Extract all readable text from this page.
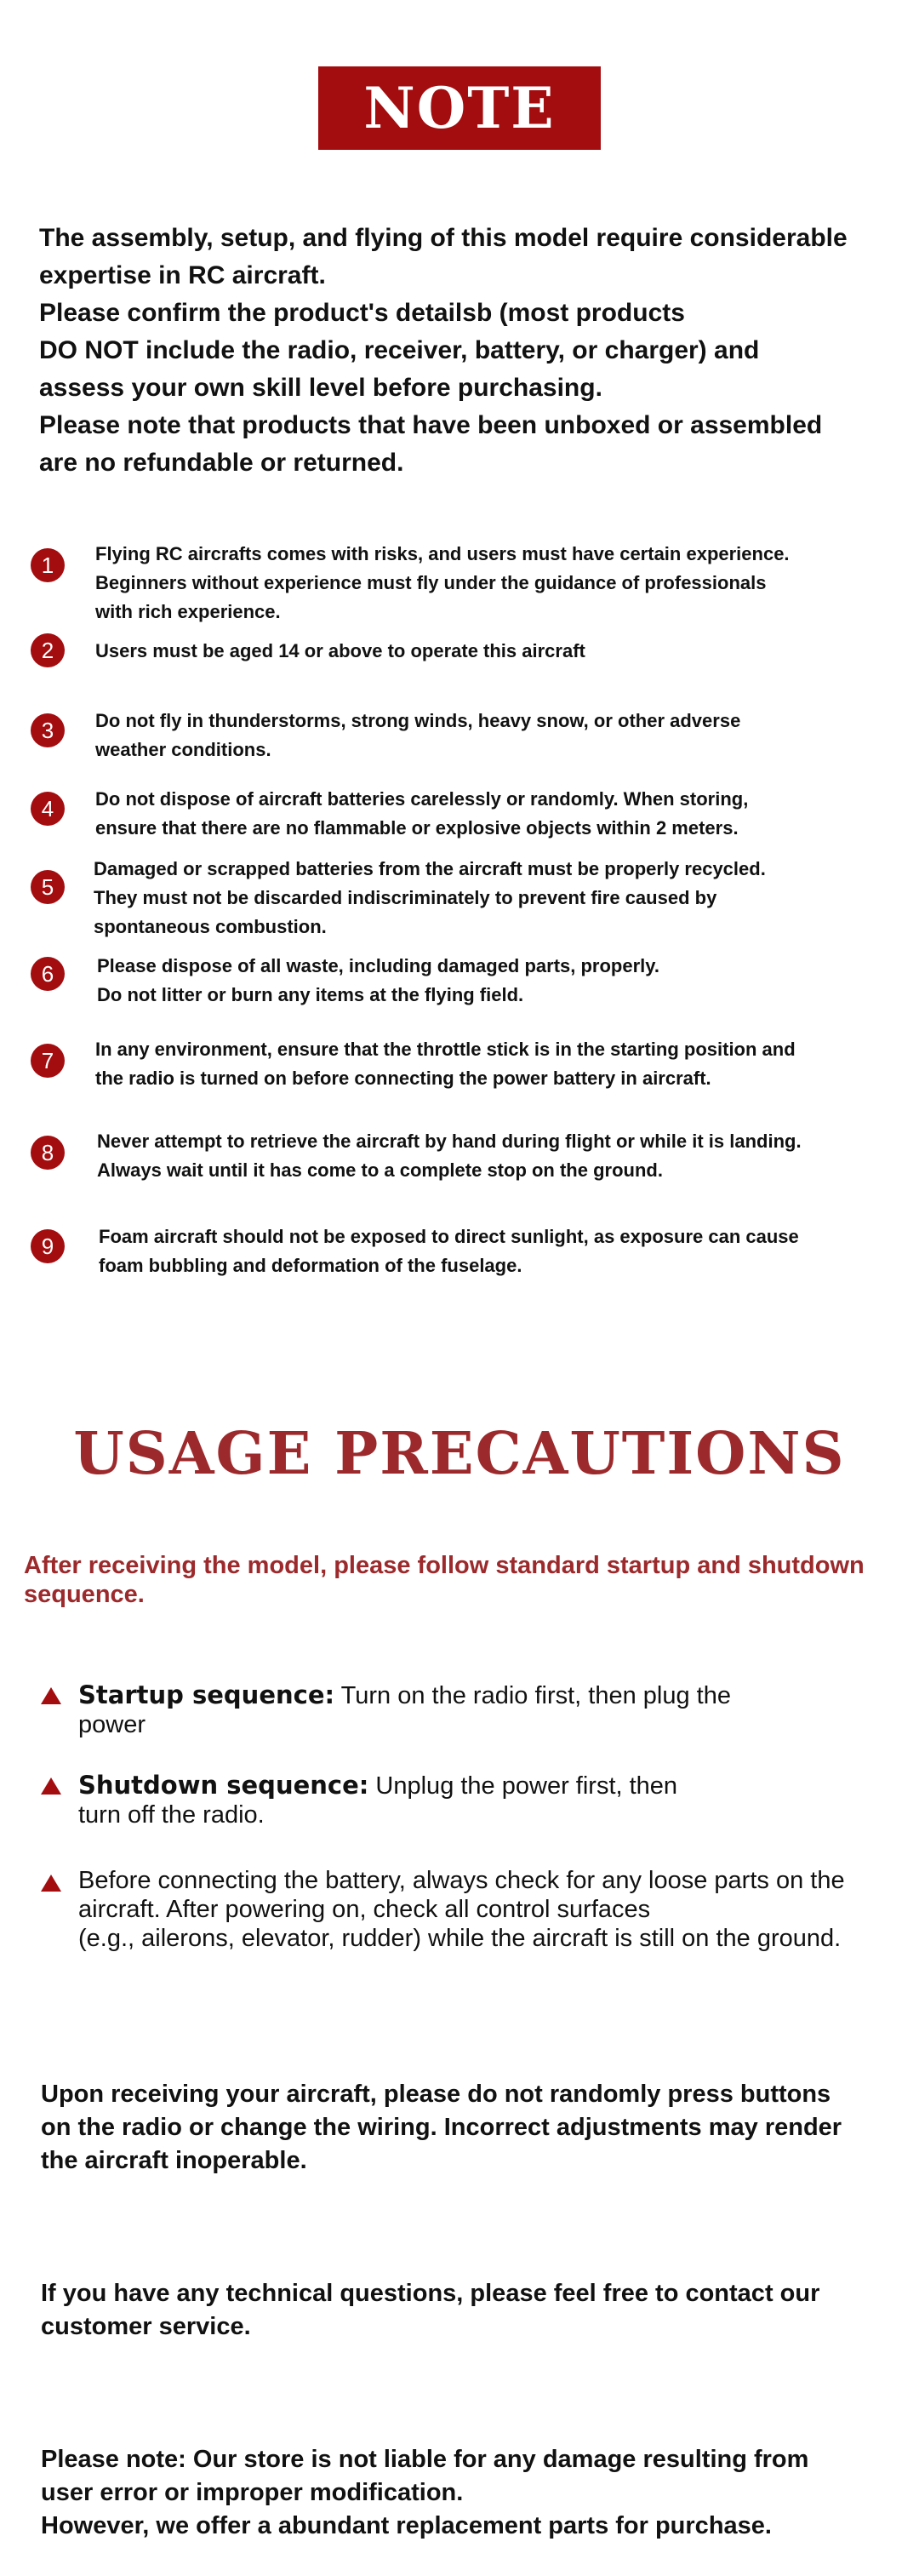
NOTE
The assembly, setup, and flying of this model require considerable
expertise in RC aircraft.
Please confirm the product's detailsb (most products
DO NOT include the radio, receiver, battery, or charger) and
assess your own skill level before purchasing.
Please note that products that have been unboxed or assembled
are no refundable or returned.
1	Flying RC aircrafts comes with risks, and users must have certain experience.
Beginners without experience must fly under the guidance of professionals
with rich experience.
2	Users must be aged 14 or above to operate this aircraft
3	Do not fly in thunderstorms, strong winds, heavy snow, or other adverse
weather conditions.
4	Do not dispose of aircraft batteries carelessly or randomly. When storing,
ensure that there are no flammable or explosive objects within 2 meters.
5
Damaged or scrapped batteries from the aircraft must be properly recycled.
They must not be discarded indiscriminately to prevent fire caused by
spontaneous combustion.
6	Please dispose of all waste, including damaged parts, properly.
Do not litter or burn any items at the flying field.
7	In any environment, ensure that the throttle stick is in the starting position and
the radio is turned on before connecting the power battery in aircraft.
8	Never attempt to retrieve the aircraft by hand during flight or while it is landing.
Always wait until it has come to a complete stop on the ground.
9	Foam aircraft should not be exposed to direct sunlight, as exposure can cause
foam bubbling and deformation of the fuselage.
USAGE PRECAUTIONS
After receiving the model, please follow standard startup and shutdown
sequence.
Startup sequence: Turn on the radio first, then plug the
power
Shutdown sequence: Unplug the power first, then
turn off the radio.
Before connecting the battery, always check for any loose parts on the
aircraft. After powering on, check all control surfaces
(e.g., ailerons, elevator, rudder) while the aircraft is still on the ground.

Upon receiving your aircraft, please do not randomly press buttons
on the radio or change the wiring. Incorrect adjustments may render
the aircraft inoperable.

If you have any technical questions, please feel free to contact our
customer service.

Please note: Our store is not liable for any damage resulting from
user error or improper modification.
However, we offer a abundant replacement parts for purchase.
